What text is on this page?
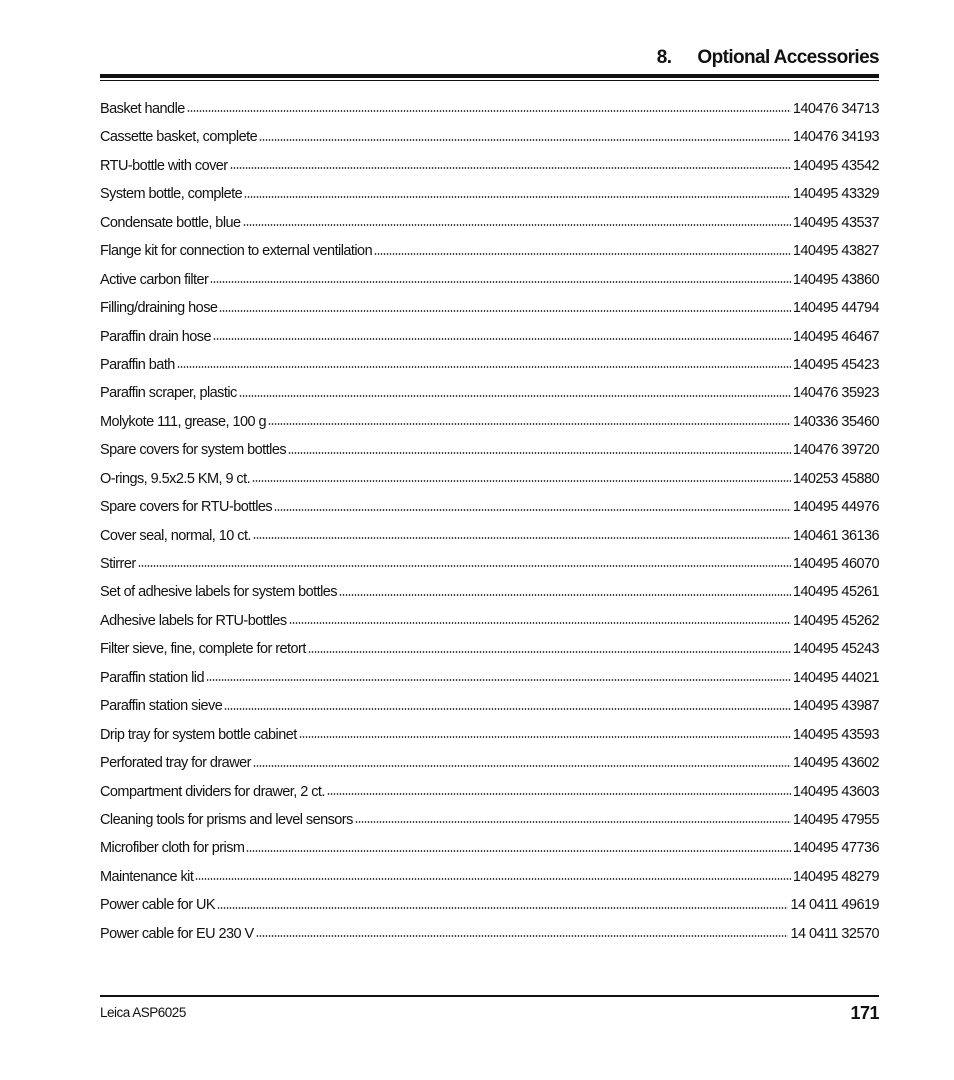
8. Optional Accessories
Basket handle	140476 34713
Cassette basket, complete	140476 34193
RTU-bottle with cover	140495 43542
System bottle, complete	140495 43329
Condensate bottle, blue	140495 43537
Flange kit for connection to external ventilation	140495 43827
Active carbon filter	140495 43860
Filling/draining hose	140495 44794
Paraffin drain hose	140495 46467
Paraffin bath	140495 45423
Paraffin scraper, plastic	140476 35923
Molykote 111, grease, 100 g	140336 35460
Spare covers for system bottles	140476 39720
O-rings, 9.5x2.5 KM, 9 ct.	140253 45880
Spare covers for RTU-bottles	140495 44976
Cover seal, normal, 10 ct.	140461 36136
Stirrer	140495 46070
Set of adhesive labels for system bottles	140495 45261
Adhesive labels for RTU-bottles	140495 45262
Filter sieve, fine, complete for retort	140495 45243
Paraffin station lid	140495 44021
Paraffin station sieve	140495 43987
Drip tray for system bottle cabinet	140495 43593
Perforated tray for drawer	140495 43602
Compartment dividers for drawer, 2 ct.	140495 43603
Cleaning tools for prisms and level sensors	140495 47955
Microfiber cloth for prism	140495 47736
Maintenance kit	140495 48279
Power cable for UK	14 0411 49619
Power cable for EU 230 V	14 0411 32570
Leica ASP6025	171
